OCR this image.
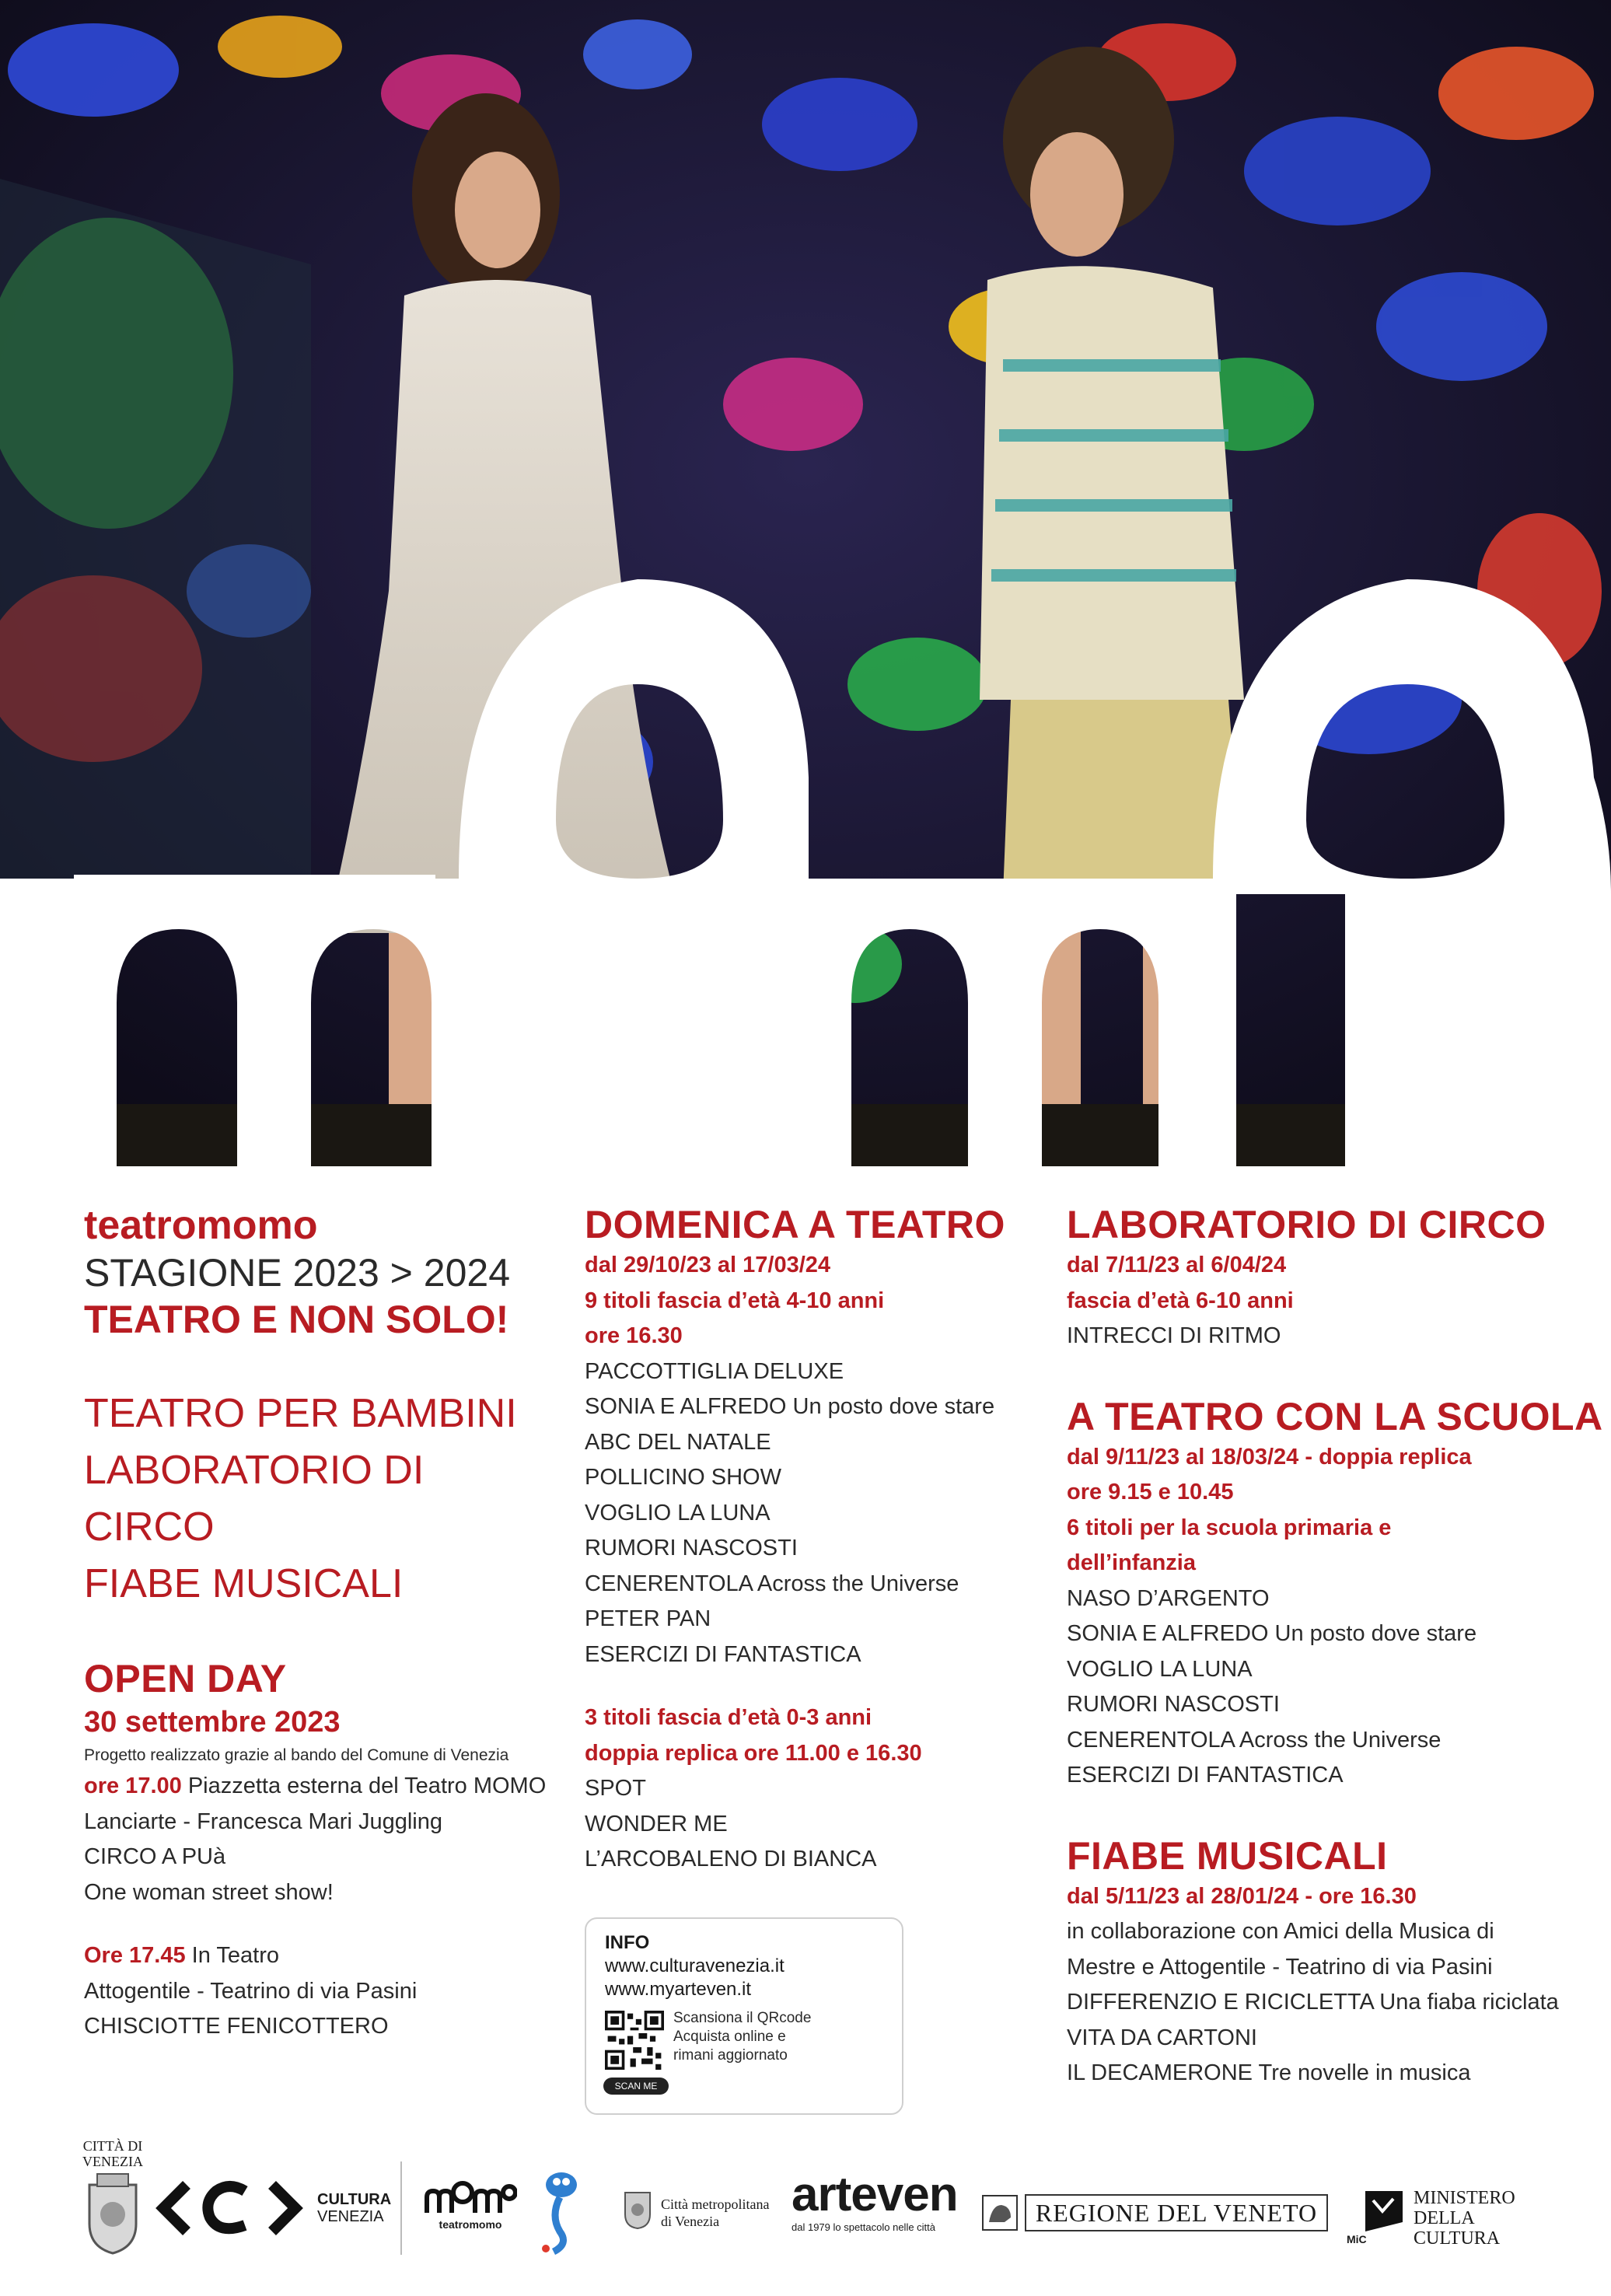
teatromomo

STAGIONE 2023 > 2024

TEATRO E NON SOLO!

TEATRO PER BAMBINI

LABORATORIO DI CIRCO

FIABE MUSICALI

OPEN DAY

30 settembre 2023

Progetto realizzato grazie al bando del Comune di Venezia

ore 17.00 Piazzetta esterna del Teatro MOMO

Lanciarte - Francesca Mari Juggling

CIRCO A PUà

One woman street show!

Ore 17.45 In Teatro

Attogentile - Teatrino di via Pasini

CHISCIOTTE FENICOTTERO

DOMENICA A TEATRO

dal 29/10/23 al 17/03/24

9 titoli fascia d’età 4-10 anni

ore 16.30

PACCOTTIGLIA DELUXE

SONIA E ALFREDO Un posto dove stare

ABC DEL NATALE

POLLICINO SHOW

VOGLIO LA LUNA

RUMORI NASCOSTI

CENERENTOLA Across the Universe

PETER PAN

ESERCIZI DI FANTASTICA

3 titoli fascia d’età 0-3 anni

doppia replica ore 11.00 e 16.30

SPOT

WONDER ME

L’ARCOBALENO DI BIANCA

INFO
www.culturavenezia.it
www.myarteven.it
Scansiona il QRcode
Acquista online e
rimani aggiornato
SCAN ME

LABORATORIO DI CIRCO

dal 7/11/23 al 6/04/24

fascia d’età 6-10 anni

INTRECCI DI RITMO

A TEATRO CON LA SCUOLA

dal 9/11/23 al 18/03/24 - doppia replica

ore 9.15 e 10.45

6 titoli per la scuola primaria e

dell’infanzia

NASO D’ARGENTO

SONIA E ALFREDO Un posto dove stare

VOGLIO LA LUNA

RUMORI NASCOSTI

CENERENTOLA Across the Universe

ESERCIZI DI FANTASTICA

FIABE MUSICALI

dal 5/11/23 al 28/01/24 - ore 16.30

in collaborazione con Amici della Musica di

Mestre e Attogentile - Teatrino di via Pasini

DIFFERENZIO E RICICLETTA Una fiaba riciclata

VITA DA CARTONI

IL DECAMERONE Tre novelle in musica

CITTÀ DI
VENEZIA
CULTURA
VENEZIA	teatromomo
Città metropolitana
di Venezia	arteven
dal 1979 lo spettacolo nelle città
REGIONE DEL VENETO
MiC
MINISTERO
DELLA
CULTURA
